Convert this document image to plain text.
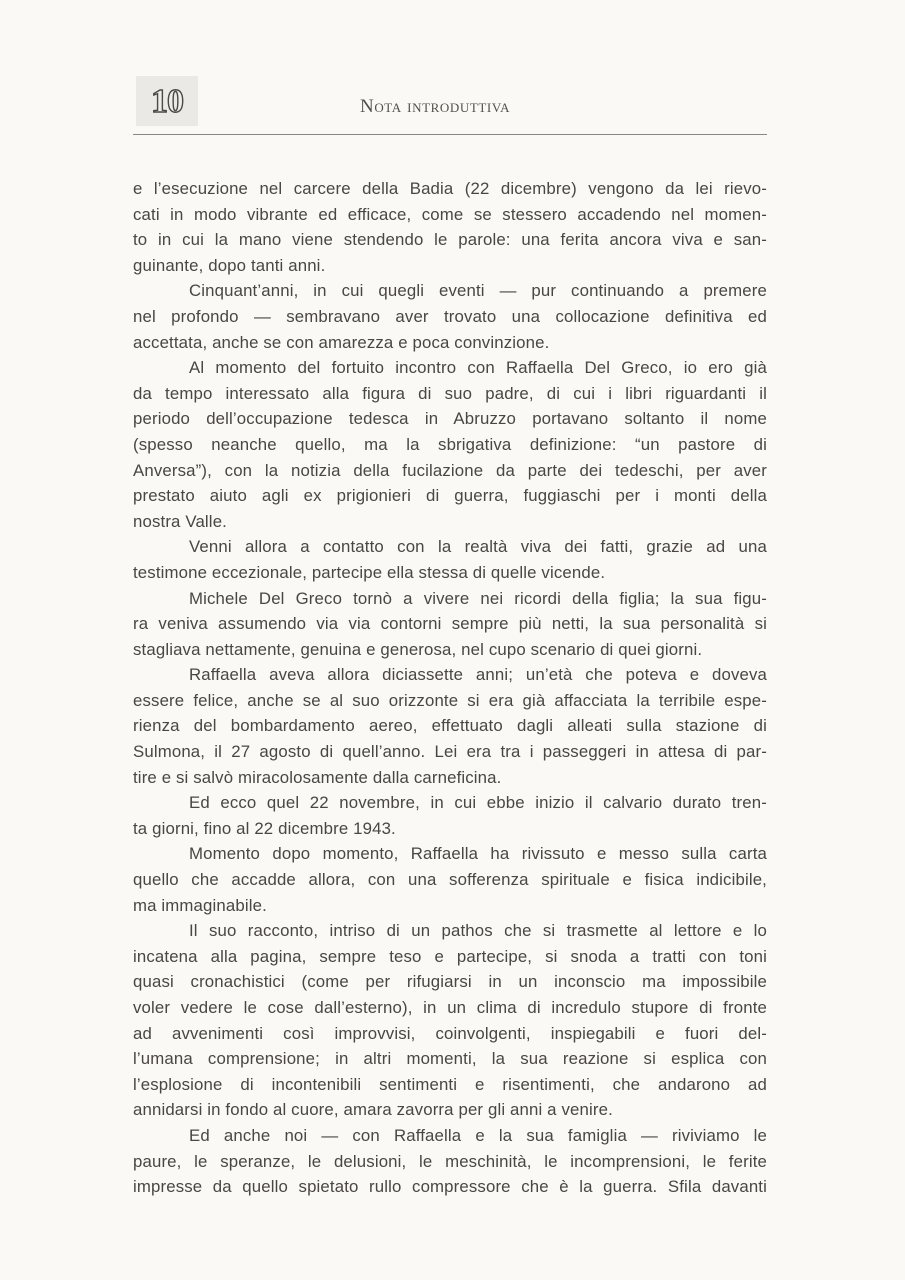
10	Nota introduttiva
e l’esecuzione nel carcere della Badia (22 dicembre) vengono da lei rievo-
cati in modo vibrante ed efficace, come se stessero accadendo nel momen-
to in cui la mano viene stendendo le parole: una ferita ancora viva e san-
guinante, dopo tanti anni.
Cinquant’anni, in cui quegli eventi — pur continuando a premere
nel profondo — sembravano aver trovato una collocazione definitiva ed
accettata, anche se con amarezza e poca convinzione.
Al momento del fortuito incontro con Raffaella Del Greco, io ero già
da tempo interessato alla figura di suo padre, di cui i libri riguardanti il
periodo dell’occupazione tedesca in Abruzzo portavano soltanto il nome
(spesso neanche quello, ma la sbrigativa definizione: “un pastore di
Anversa”), con la notizia della fucilazione da parte dei tedeschi, per aver
prestato aiuto agli ex prigionieri di guerra, fuggiaschi per i monti della
nostra Valle.
Venni allora a contatto con la realtà viva dei fatti, grazie ad una
testimone eccezionale, partecipe ella stessa di quelle vicende.
Michele Del Greco tornò a vivere nei ricordi della figlia; la sua figu-
ra veniva assumendo via via contorni sempre più netti, la sua personalità si
stagliava nettamente, genuina e generosa, nel cupo scenario di quei giorni.
Raffaella aveva allora diciassette anni; un’età che poteva e doveva
essere felice, anche se al suo orizzonte si era già affacciata la terribile espe-
rienza del bombardamento aereo, effettuato dagli alleati sulla stazione di
Sulmona, il 27 agosto di quell’anno. Lei era tra i passeggeri in attesa di par-
tire e si salvò miracolosamente dalla carneficina.
Ed ecco quel 22 novembre, in cui ebbe inizio il calvario durato tren-
ta giorni, fino al 22 dicembre 1943.
Momento dopo momento, Raffaella ha rivissuto e messo sulla carta
quello che accadde allora, con una sofferenza spirituale e fisica indicibile,
ma immaginabile.
Il suo racconto, intriso di un pathos che si trasmette al lettore e lo
incatena alla pagina, sempre teso e partecipe, si snoda a tratti con toni
quasi cronachistici (come per rifugiarsi in un inconscio ma impossibile
voler vedere le cose dall’esterno), in un clima di incredulo stupore di fronte
ad avvenimenti così improvvisi, coinvolgenti, inspiegabili e fuori del-
l’umana comprensione; in altri momenti, la sua reazione si esplica con
l’esplosione di incontenibili sentimenti e risentimenti, che andarono ad
annidarsi in fondo al cuore, amara zavorra per gli anni a venire.
Ed anche noi — con Raffaella e la sua famiglia — riviviamo le
paure, le speranze, le delusioni, le meschinità, le incomprensioni, le ferite
impresse da quello spietato rullo compressore che è la guerra. Sfila davanti
